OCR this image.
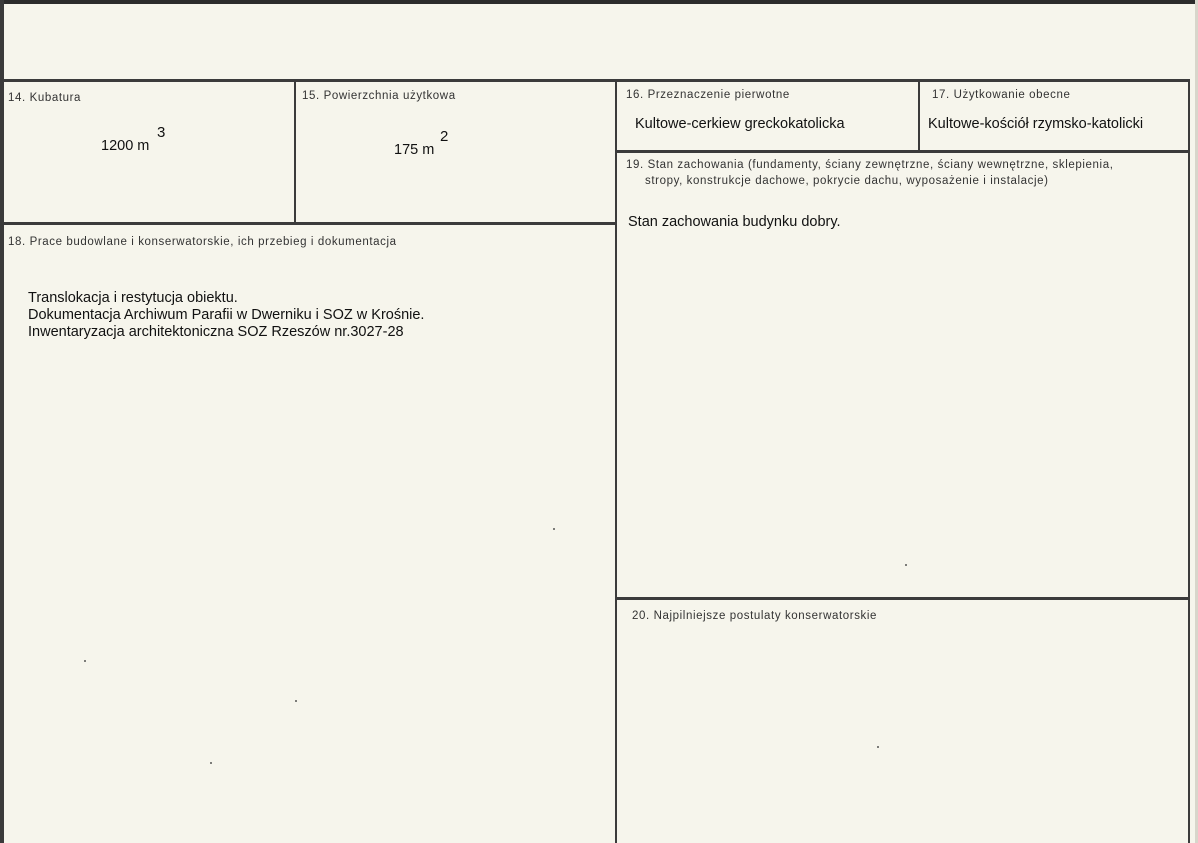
14. Kubatura
1200 m
3
15. Powierzchnia użytkowa
175 m
2
16. Przeznaczenie pierwotne
Kultowe-cerkiew greckokatolicka
17. Użytkowanie obecne
Kultowe-kościół rzymsko-katolicki
19. Stan zachowania (fundamenty, ściany zewnętrzne, ściany wewnętrzne, sklepienia,
stropy, konstrukcje dachowe, pokrycie dachu, wyposażenie i instalacje)
Stan zachowania budynku dobry.
18. Prace budowlane i konserwatorskie, ich przebieg i dokumentacja
Translokacja i restytucja obiektu.
Dokumentacja Archiwum Parafii w Dwerniku i SOZ w Krośnie.
Inwentaryzacja architektoniczna SOZ Rzeszów nr.3027-28
20. Najpilniejsze postulaty konserwatorskie
